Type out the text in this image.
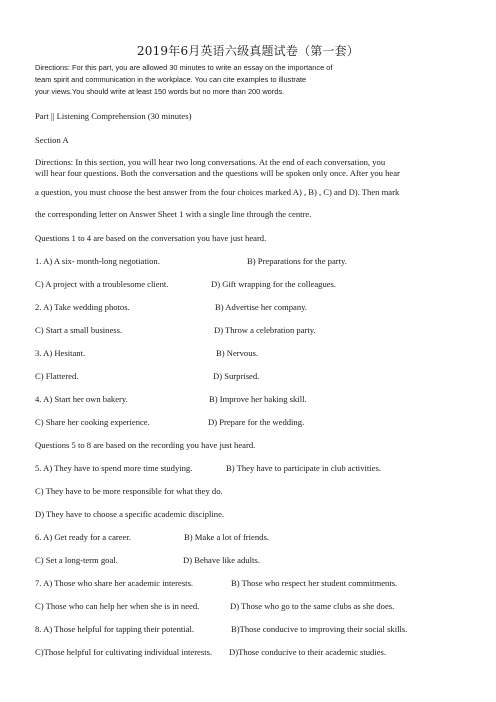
2019年6月英语六级真题试卷（第一套）
Directions: For this part, you are allowed 30 minutes to write an essay on the importance of
team spirit and communication in the workplace. You can cite examples to illustrate
your views.You should write at least 150 words but no more than 200 words.
Part || Listening Comprehension (30 minutes)
Section A
Directions: In this section, you will hear two long conversations. At the end of each conversation, you
will hear four questions. Both the conversation and the questions will be spoken only once. After you hear
a question, you must choose the best answer from the four choices marked A) , B) , C) and D). Then mark
the corresponding letter on Answer Sheet 1 with a single line through the centre.
Questions 1 to 4 are based on the conversation you have just heard.
1. A) A six- month-long negotiation.	B) Preparations for the party.
C) A project with a troublesome client.	D) Gift wrapping for the colleagues.
2. A) Take wedding photos.	B) Advertise her company.
C) Start a small business.	D) Throw a celebration party.
3. A) Hesitant.	B) Nervous.
C) Flattered.	D) Surprised.
4. A) Start her own bakery.	B) Improve her baking skill.
C) Share her cooking experience.	D) Prepare for the wedding.
Questions 5 to 8 are based on the recording you have just heard.
5. A) They have to spend more time studying.	B) They have to participate in club activities.
C) They have to be more responsible for what they do.
D) They have to choose a specific academic discipline.
6. A) Get ready for a career.	B) Make a lot of friends.
C) Set a long-term goal.	D) Behave like adults.
7. A) Those who share her academic interests.	B) Those who respect her student commitments.
C) Those who can help her when she is in need.	D) Those who go to the same clubs as she does.
8. A) Those helpful for tapping their potential.	B)Those conducive to improving their social skills.
C)Those helpful for cultivating individual interests. D)Those conducive to their academic studies.
